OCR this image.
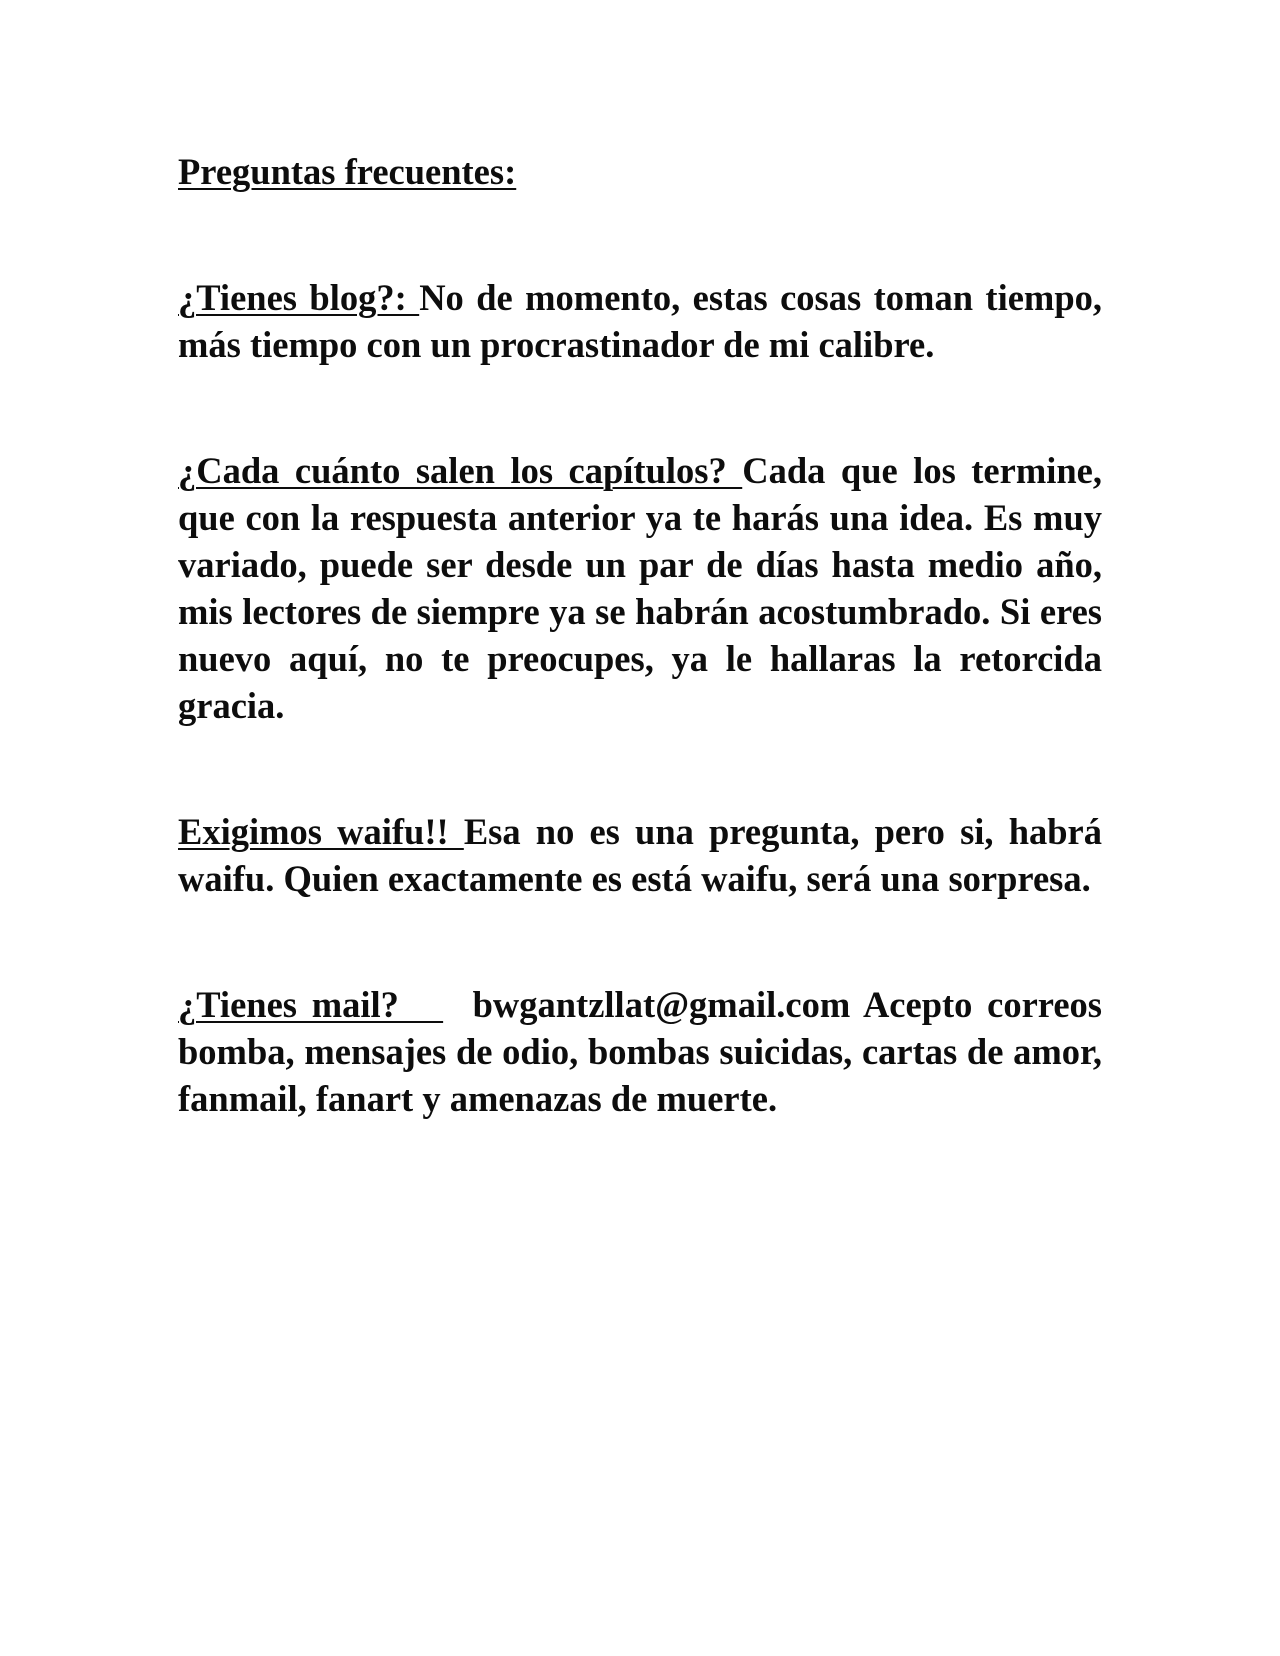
Preguntas frecuentes:

¿Tienes blog?: No de momento, estas cosas toman tiempo, más tiempo con un procrastinador de mi calibre.

¿Cada cuánto salen los capítulos? Cada que los termine, que con la respuesta anterior ya te harás una idea. Es muy variado, puede ser desde un par de días hasta medio año, mis lectores de siempre ya se habrán acostumbrado. Si eres nuevo aquí, no te preocupes, ya le hallaras la retorcida gracia.

Exigimos waifu!! Esa no es una pregunta, pero si, habrá waifu. Quien exactamente es está waifu, será una sorpresa.

¿Tienes mail?     bwgantzllat@gmail.com Acepto correos bomba, mensajes de odio, bombas suicidas, cartas de amor, fanmail, fanart y amenazas de muerte.
